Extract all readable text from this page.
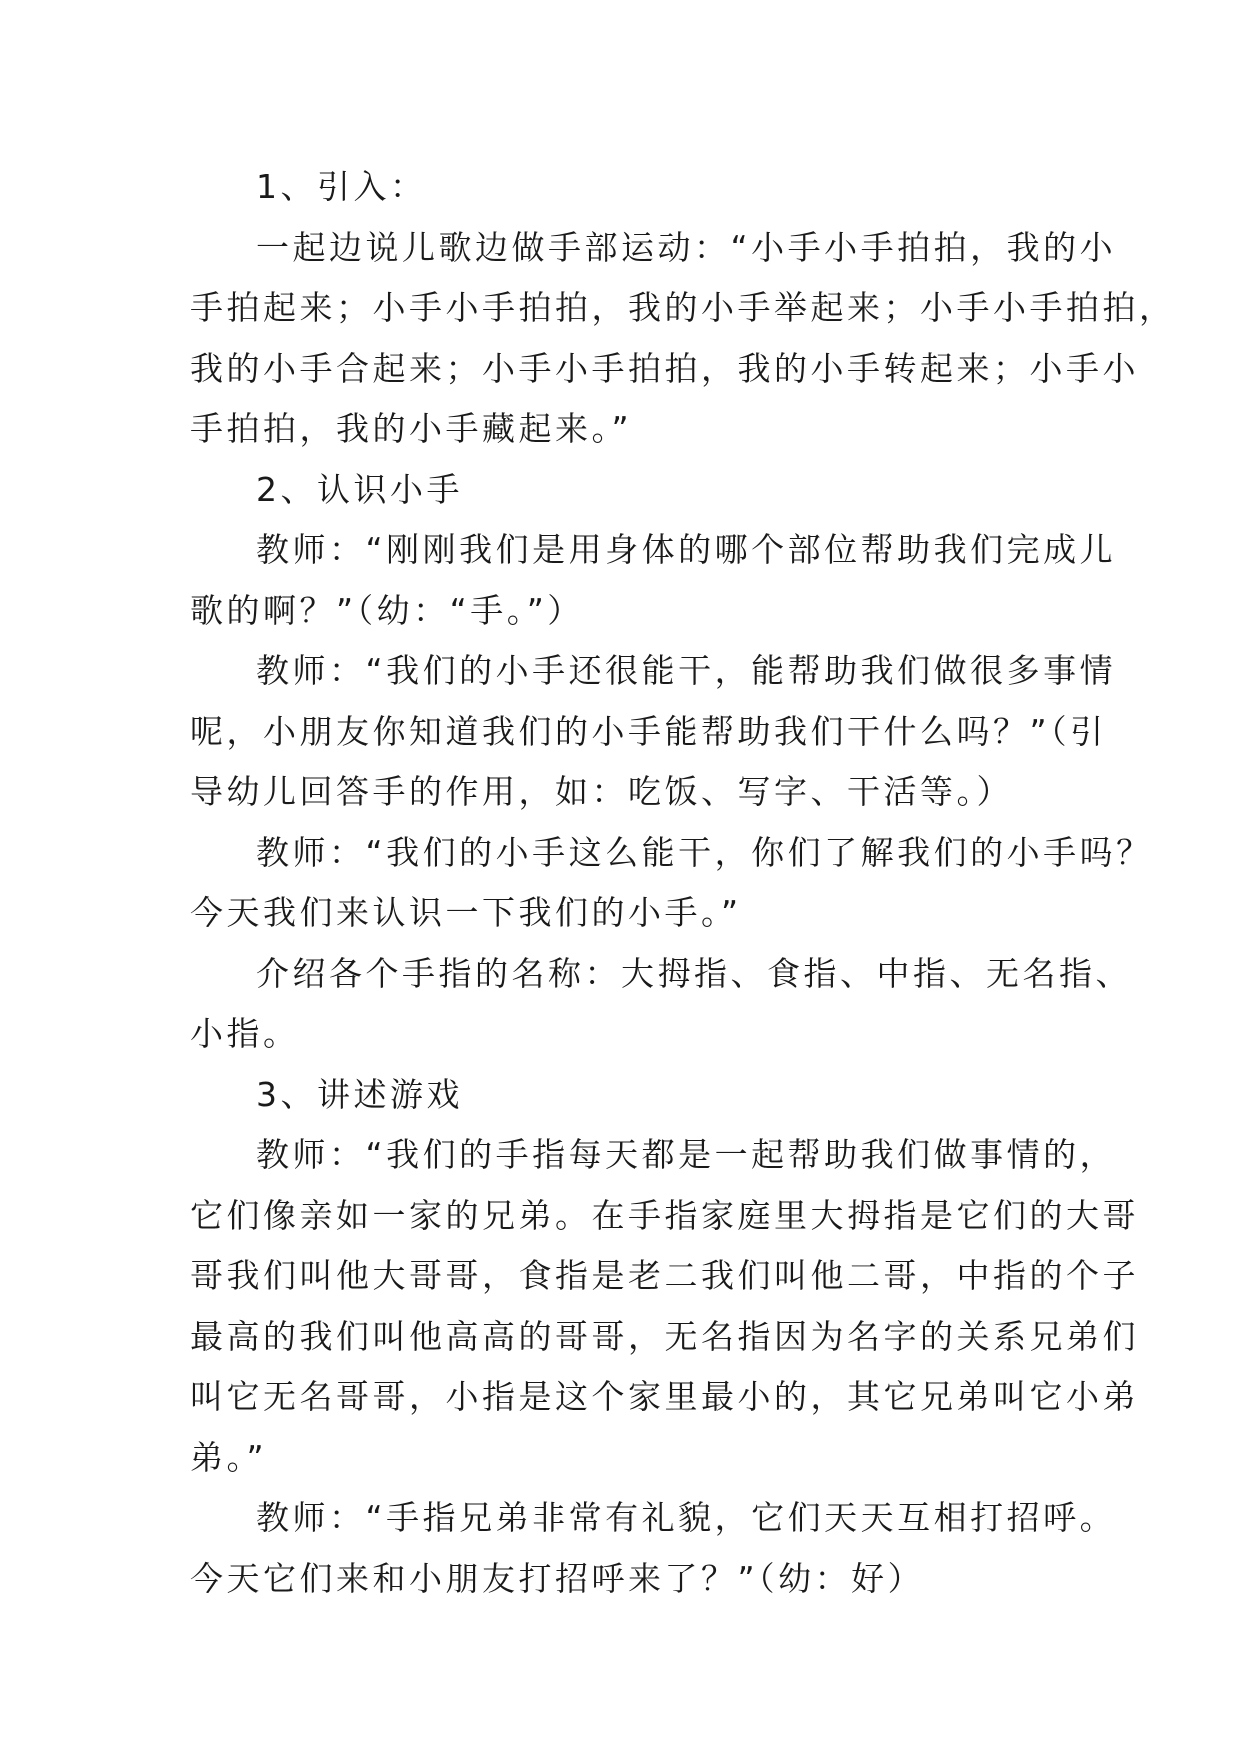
1、引入：

一起边说儿歌边做手部运动：“小手小手拍拍，我的小

手拍起来；小手小手拍拍，我的小手举起来；小手小手拍拍，

我的小手合起来；小手小手拍拍，我的小手转起来；小手小

手拍拍，我的小手藏起来。”

2、认识小手

教师：“刚刚我们是用身体的哪个部位帮助我们完成儿

歌的啊？”（幼：“手。”）

教师：“我们的小手还很能干，能帮助我们做很多事情

呢，小朋友你知道我们的小手能帮助我们干什么吗？”（引

导幼儿回答手的作用，如：吃饭、写字、干活等。）

教师：“我们的小手这么能干，你们了解我们的小手吗？

今天我们来认识一下我们的小手。”

介绍各个手指的名称：大拇指、食指、中指、无名指、

小指。

3、讲述游戏

教师：“我们的手指每天都是一起帮助我们做事情的，

它们像亲如一家的兄弟。在手指家庭里大拇指是它们的大哥

哥我们叫他大哥哥，食指是老二我们叫他二哥，中指的个子

最高的我们叫他高高的哥哥，无名指因为名字的关系兄弟们

叫它无名哥哥，小指是这个家里最小的，其它兄弟叫它小弟

弟。”

教师：“手指兄弟非常有礼貌，它们天天互相打招呼。

今天它们来和小朋友打招呼来了？”（幼：好）
